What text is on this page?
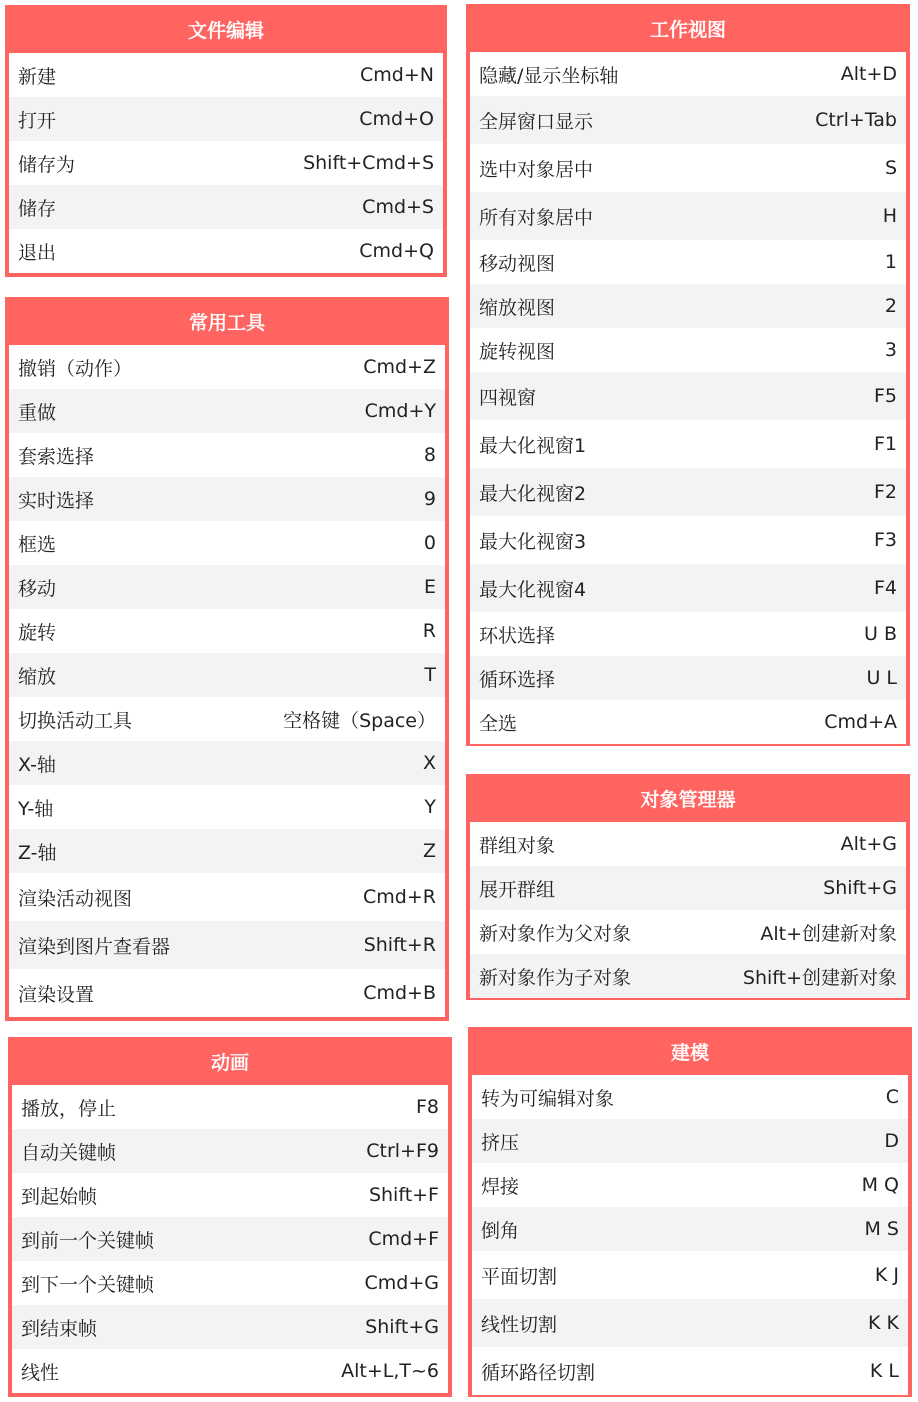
文件编辑
新建	Cmd+N
打开	Cmd+O
储存为	Shift+Cmd+S
储存	Cmd+S
退出	Cmd+Q
常用工具
撤销（动作）	Cmd+Z
重做	Cmd+Y
套索选择	8
实时选择	9
框选	0
移动	E
旋转	R
缩放	T
切换活动工具	空格键（Space）
X-轴	X
Y-轴	Y
Z-轴	Z
渲染活动视图	Cmd+R
渲染到图片查看器	Shift+R
渲染设置	Cmd+B
动画
播放，停止	F8
自动关键帧	Ctrl+F9
到起始帧	Shift+F
到前一个关键帧	Cmd+F
到下一个关键帧	Cmd+G
到结束帧	Shift+G
线性	Alt+L,T~6
工作视图
隐藏/显示坐标轴	Alt+D
全屏窗口显示	Ctrl+Tab
选中对象居中	S
所有对象居中	H
移动视图	1
缩放视图	2
旋转视图	3
四视窗	F5
最大化视窗1	F1
最大化视窗2	F2
最大化视窗3	F3
最大化视窗4	F4
环状选择	U B
循环选择	U L
全选	Cmd+A
对象管理器
群组对象	Alt+G
展开群组	Shift+G
新对象作为父对象	Alt+创建新对象
新对象作为子对象	Shift+创建新对象
建模
转为可编辑对象	C
挤压	D
焊接	M Q
倒角	M S
平面切割	K J
线性切割	K K
循环路径切割	K L
